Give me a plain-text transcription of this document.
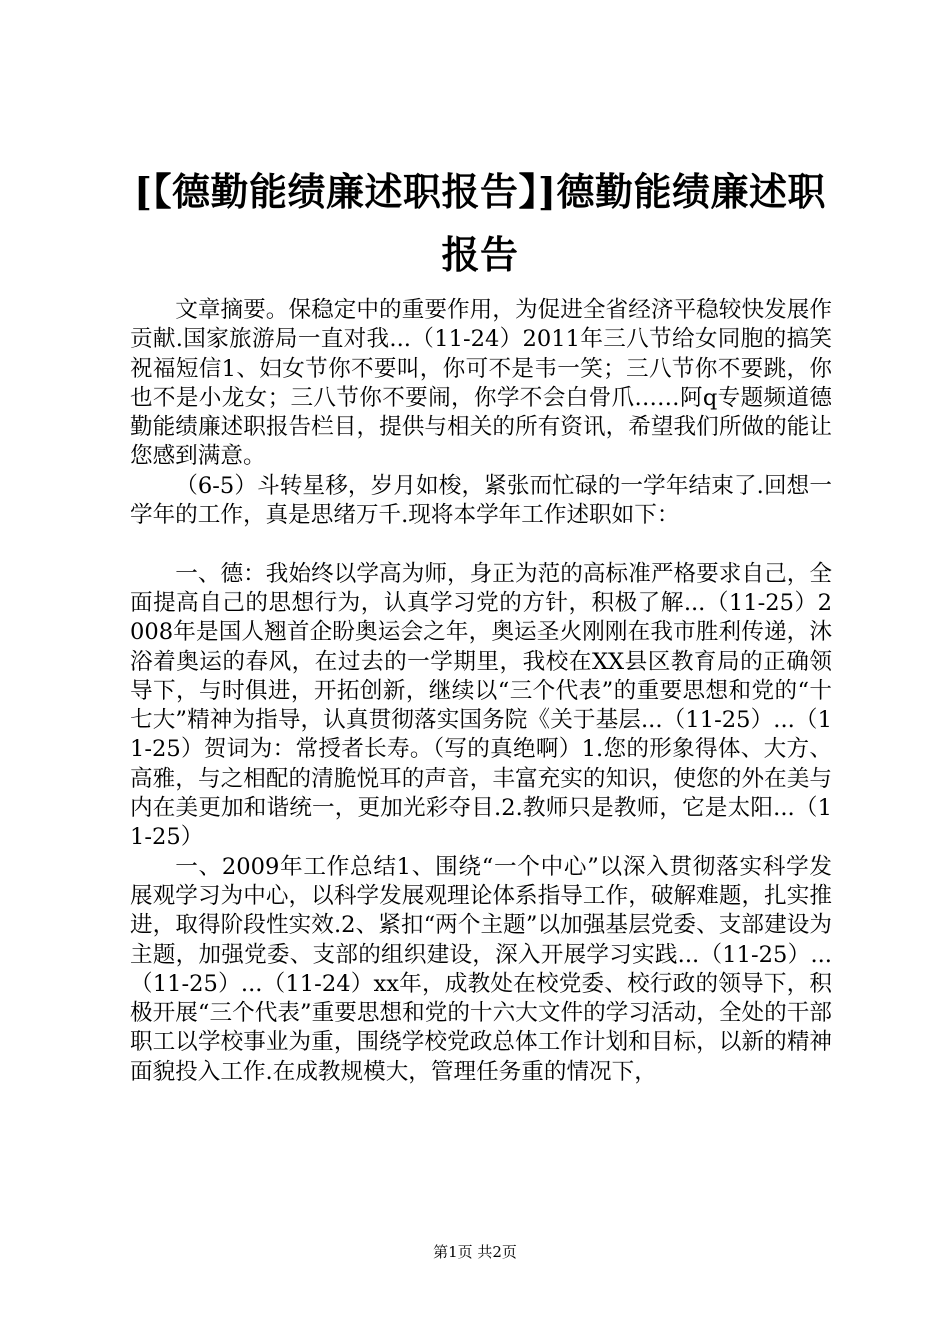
[【德勤能绩廉述职报告】]德勤能绩廉述职报告

文章摘要。保稳定中的重要作用，为促进全省经济平稳较快发展作贡献.国家旅游局一直对我...（11-24）2011年三八节给女同胞的搞笑祝福短信1、妇女节你不要叫，你可不是韦一笑；三八节你不要跳，你也不是小龙女；三八节你不要闹，你学不会白骨爪……阿q专题频道德勤能绩廉述职报告栏目，提供与相关的所有资讯，希望我们所做的能让您感到满意。

（6-5）斗转星移，岁月如梭，紧张而忙碌的一学年结束了.回想一学年的工作，真是思绪万千.现将本学年工作述职如下：

一、德：我始终以学高为师，身正为范的高标准严格要求自己，全面提高自己的思想行为，认真学习党的方针，积极了解...（11-25）2008年是国人翘首企盼奥运会之年，奥运圣火刚刚在我市胜利传递，沐浴着奥运的春风，在过去的一学期里，我校在XX县区教育局的正确领导下，与时俱进，开拓创新，继续以“三个代表”的重要思想和党的“十七大”精神为指导，认真贯彻落实国务院《关于基层...（11-25）...（11-25）贺词为：常授者长寿。（写的真绝啊）1.您的形象得体、大方、高雅，与之相配的清脆悦耳的声音，丰富充实的知识，使您的外在美与内在美更加和谐统一，更加光彩夺目.2.教师只是教师，它是太阳...（11-25）

一、2009年工作总结1、围绕“一个中心”以深入贯彻落实科学发展观学习为中心，以科学发展观理论体系指导工作，破解难题，扎实推进，取得阶段性实效.2、紧扣“两个主题”以加强基层党委、支部建设为主题，加强党委、支部的组织建设，深入开展学习实践...（11-25）...（11-25）...（11-24）xx年，成教处在校党委、校行政的领导下，积极开展“三个代表”重要思想和党的十六大文件的学习活动，全处的干部职工以学校事业为重，围绕学校党政总体工作计划和目标，以新的精神面貌投入工作.在成教规模大，管理任务重的情况下，

第1页 共2页
